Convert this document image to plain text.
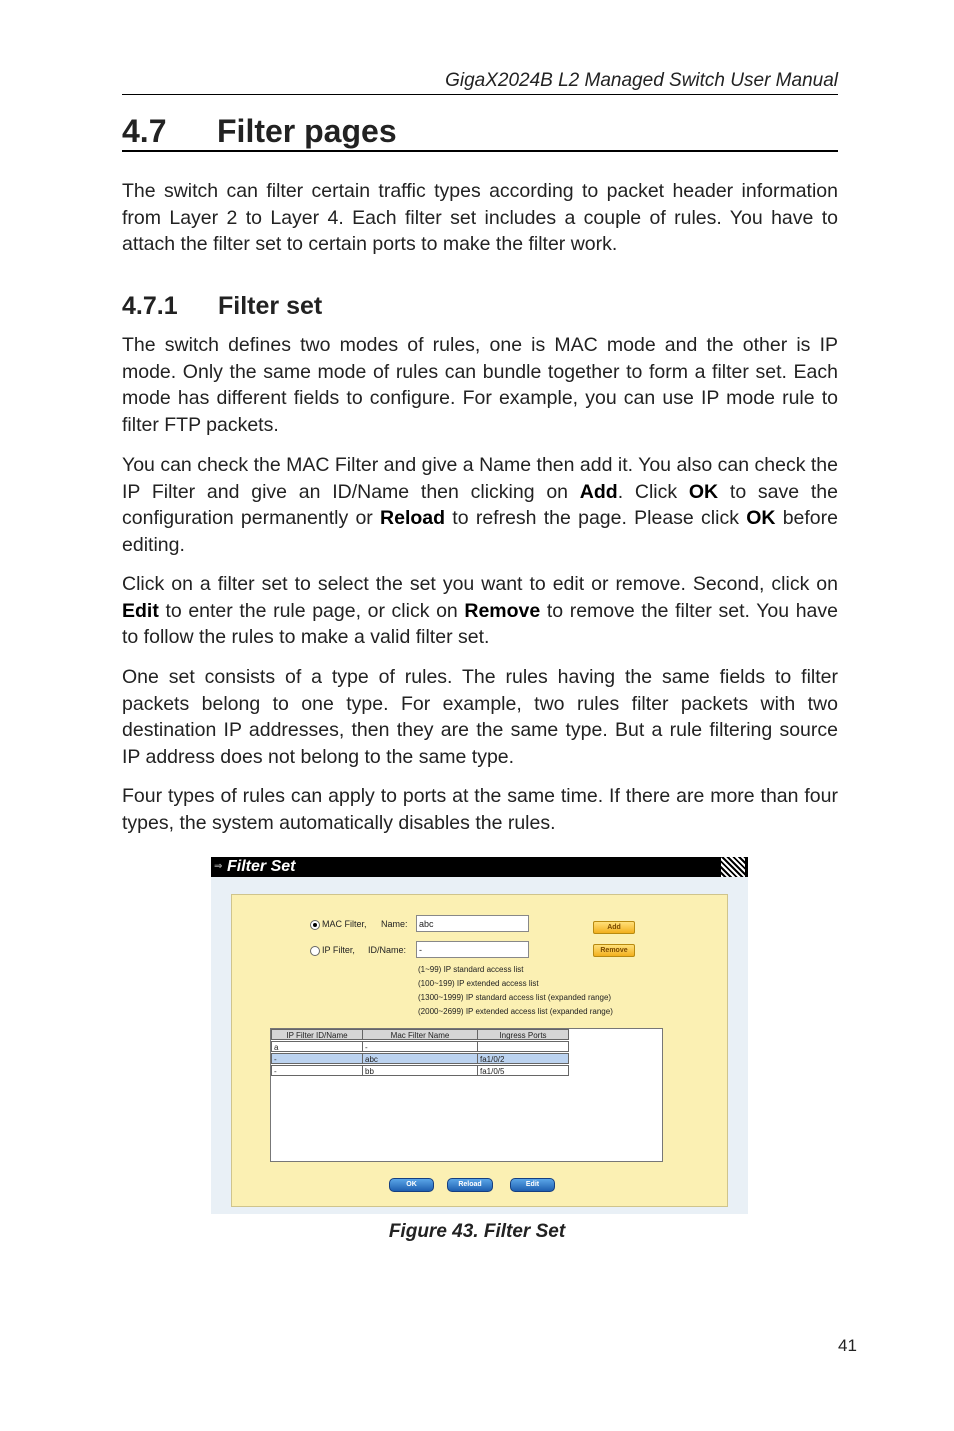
GigaX2024B L2 Managed Switch User Manual
4.7 Filter pages

The switch can filter certain traffic types according to packet header information from Layer 2 to Layer 4. Each filter set includes a couple of rules. You have to attach the filter set to certain ports to make the filter work.

4.7.1 Filter set

The switch defines two modes of rules, one is MAC mode and the other is IP mode. Only the same mode of rules can bundle together to form a filter set. Each mode has different fields to configure. For example, you can use IP mode rule to filter FTP packets.

You can check the MAC Filter and give a Name then add it. You also can check the IP Filter and give an ID/Name then clicking on Add. Click OK to save the configuration permanently or Reload to refresh the page. Please click OK before editing.

Click on a filter set to select the set you want to edit or remove. Second, click on Edit to enter the rule page, or click on Remove to remove the filter set. You have to follow the rules to make a valid filter set.

One set consists of a type of rules. The rules having the same fields to filter packets belong to one type. For example, two rules filter packets with two destination IP addresses, then they are the same type. But a rule filtering source IP address does not belong to the same type.

Four types of rules can apply to ports at the same time. If there are more than four types, the system automatically disables the rules.

⇒ Filter Set
MAC Filter, Name:	abc	Add
IP Filter, ID/Name:	-	Remove
(1~99) IP standard access list
(100~199) IP extended access list
(1300~1999) IP standard access list (expanded range)
(2000~2699) IP extended access list (expanded range)
IP Filter ID/Name	Mac Filter Name	Ingress Ports
a	-
-	abc	fa1/0/2
-	bb	fa1/0/5
OK	Reload	Edit
Figure 43. Filter Set
41
